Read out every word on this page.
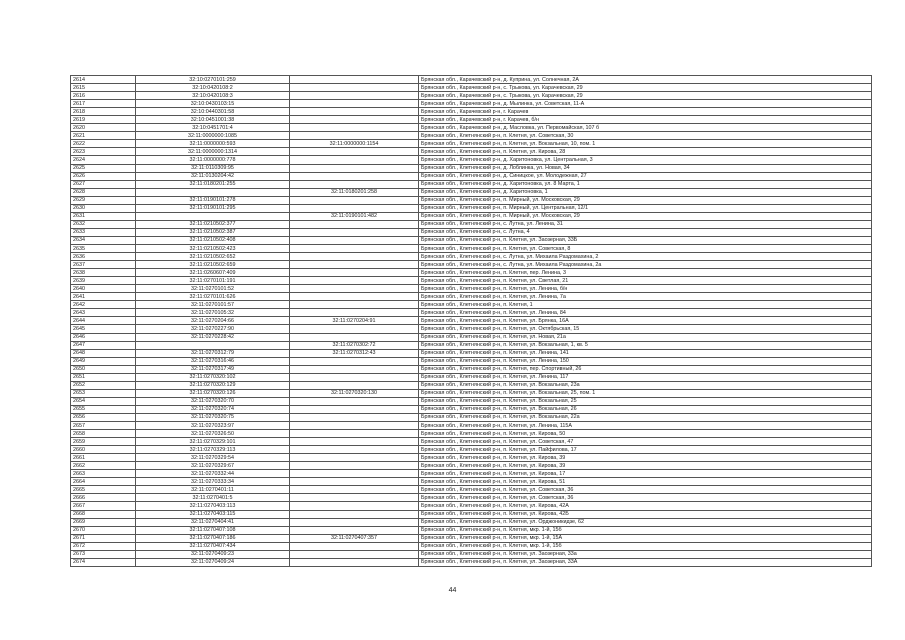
2614	32:10:0270101:259		Брянская обл., Карачевский р-н, д. Куприна, ул. Солнечная, 2А
2615	32:10:0420108:2		Брянская обл., Карачевский р-н, с. Трыкова, ул. Карачевская, 29
2616	32:10:0420108:3		Брянская обл., Карачевский р-н, с. Трыкова, ул. Карачевская, 29
2617	32:10:0430103:15		Брянская обл., Карачевский р-н, д. Мылинка, ул. Советская, 11-А
2618	32:10:0440301:58		Брянская обл., Карачевский р-н, г. Карачев
2619	32:10:0451001:38		Брянская обл., Карачевский р-н, г. Карачев, б/н
2620	32:10:0451701:4		Брянская обл., Карачевский р-н, д. Масловка, ул. Первомайская, 107 б
2621	32:11:0000000:1085		Брянская обл., Клетнянский р-н, п. Клетня, ул. Советская, 30
2622	32:11:0000000:593	32:11:0000000:1154	Брянская обл., Клетнянский р-н, п. Клетня, ул. Вокзальная, 10, пом. 1
2623	32:11:0000000:1314		Брянская обл., Клетнянский р-н, п. Клетня, ул. Кирова, 28
2624	32:11:0000000:778		Брянская обл., Клетнянский р-н, д. Харитоновка, ул. Центральная, 3
2625	32:11:0110309:95		Брянская обл., Клетнянский р-н, д. Лоблинка, ул. Новая, 34
2626	32:11:0130204:42		Брянская обл., Клетнянский р-н, д. Синицкое, ул. Молодежная, 27
2627	32:11:0180201:255		Брянская обл., Клетнянский р-н, д. Харитоновка, ул. 8 Марта, 1
2628		32:11:0180201:258	Брянская обл., Клетнянский р-н, д. Харитоновка, 1
2629	32:11:0190101:278		Брянская обл., Клетнянский р-н, п. Мирный, ул. Московская, 29
2630	32:11:0190101:295		Брянская обл., Клетнянский р-н, п. Мирный, ул. Центральная, 12/1
2631		32:11:0190101:482	Брянская обл., Клетнянский р-н, п. Мирный, ул. Московская, 29
2632	32:11:0210502:377		Брянская обл., Клетнянский р-н, с. Лутна, ул. Ленина, 31
2633	32:11:0210502:387		Брянская обл., Клетнянский р-н, с. Лутна, 4
2634	32:11:0210502:408		Брянская обл., Клетнянский р-н, п. Клетня, ул. Заозерная, 33Б
2635	32:11:0210502:423		Брянская обл., Клетнянский р-н, п. Клетня, ул. Советская, 8
2636	32:11:0210502:652		Брянская обл., Клетнянский р-н, с. Лутна, ул. Михаила Раздомахина, 2
2637	32:11:0210502:659		Брянская обл., Клетнянский р-н, с. Лутна, ул. Михаила Раздомахина, 2а
2638	32:11:0260607:409		Брянская обл., Клетнянский р-н, п. Клетня, пер. Ленина, 3
2639	32:11:0270101:191		Брянская обл., Клетнянский р-н, п. Клетня, ул. Светлая, 21
2640	32:11:0270101:52		Брянская обл., Клетнянский р-н, п. Клетня, ул. Ленина, б/н
2641	32:11:0270101:626		Брянская обл., Клетнянский р-н, п. Клетня, ул. Ленина, 7а
2642	32:11:0270101:57		Брянская обл., Клетнянский р-н, п. Клетня, 1
2643	32:11:0270105:32		Брянская обл., Клетнянский р-н, п. Клетня, ул. Ленина, 84
2644	32:11:0270204:66	32:11:0270204:91	Брянская обл., Клетнянский р-н, п. Клетня, ул. Брянка, 16А
2645	32:11:0270227:90		Брянская обл., Клетнянский р-н, п. Клетня, ул. Октябрьская, 15
2646	32:11:0270228:42		Брянская обл., Клетнянский р-н, п. Клетня, ул. Новая, 21а
2647		32:11:0270302:72	Брянская обл., Клетнянский р-н, п. Клетня, ул. Вокзальная, 1, кв. 5
2648	32:11:0270312:79	32:11:0270312:43	Брянская обл., Клетнянский р-н, п. Клетня, ул. Ленина, 141
2649	32:11:0270316:46		Брянская обл., Клетнянский р-н, п. Клетня, ул. Ленина, 150
2650	32:11:0270317:49		Брянская обл., Клетнянский р-н, п. Клетня, пер. Спортивный, 26
2651	32:11:0270320:102		Брянская обл., Клетнянский р-н, п. Клетня, ул. Ленина, 117
2652	32:11:0270320:129		Брянская обл., Клетнянский р-н, п. Клетня, ул. Вокзальная, 23а
2653	32:11:0270320:126	32:11:0270320:130	Брянская обл., Клетнянский р-н, п. Клетня, ул. Вокзальная, 25, пом. 1
2654	32:11:0270320:70		Брянская обл., Клетнянский р-н, п. Клетня, ул. Вокзальная, 25
2655	32:11:0270320:74		Брянская обл., Клетнянский р-н, п. Клетня, ул. Вокзальная, 26
2656	32:11:0270320:75		Брянская обл., Клетнянский р-н, п. Клетня, ул. Вокзальная, 22а
2657	32:11:0270323:97		Брянская обл., Клетнянский р-н, п. Клетня, ул. Ленина, 115А
2658	32:11:0270326:50		Брянская обл., Клетнянский р-н, п. Клетня, ул. Кирова, 50
2659	32:11:0270329:101		Брянская обл., Клетнянский р-н, п. Клетня, ул. Советская, 47
2660	32:11:0270329:113		Брянская обл., Клетнянский р-н, п. Клетня, ул. Пайфилова, 17
2661	32:11:0270329:54		Брянская обл., Клетнянский р-н, п. Клетня, ул. Кирова, 39
2662	32:11:0270329:67		Брянская обл., Клетнянский р-н, п. Клетня, ул. Кирова, 39
2663	32:11:0270332:44		Брянская обл., Клетнянский р-н, п. Клетня, ул. Кирова, 17
2664	32:11:0270333:34		Брянская обл., Клетнянский р-н, п. Клетня, ул. Кирова, 51
2665	32:11:0270401:11		Брянская обл., Клетнянский р-н, п. Клетня, ул. Советская, 36
2666	32:11:0270401:5		Брянская обл., Клетнянский р-н, п. Клетня, ул. Советская, 36
2667	32:11:0270403:113		Брянская обл., Клетнянский р-н, п. Клетня, ул. Кирова, 42А
2668	32:11:0270403:115		Брянская обл., Клетнянский р-н, п. Клетня, ул. Кирова, 42Б
2669	32:11:0270404:41		Брянская обл., Клетнянский р-н, п. Клетня, ул. Орджоникидзе, 62
2670	32:11:0270407:108		Брянская обл., Клетнянский р-н, п. Клетня, мкр. 1-й, 15б
2671	32:11:0270407:186	32:11:0270407:357	Брянская обл., Клетнянский р-н, п. Клетня, мкр. 1-й, 15А
2672	32:11:0270407:434		Брянская обл., Клетнянский р-н, п. Клетня, мкр. 1-й, 15б
2673	32:11:0270409:23		Брянская обл., Клетнянский р-н, п. Клетня, ул. Заозерная, 33а
2674	32:11:0270409:24		Брянская обл., Клетнянский р-н, п. Клетня, ул. Заозерная, 33А
44
